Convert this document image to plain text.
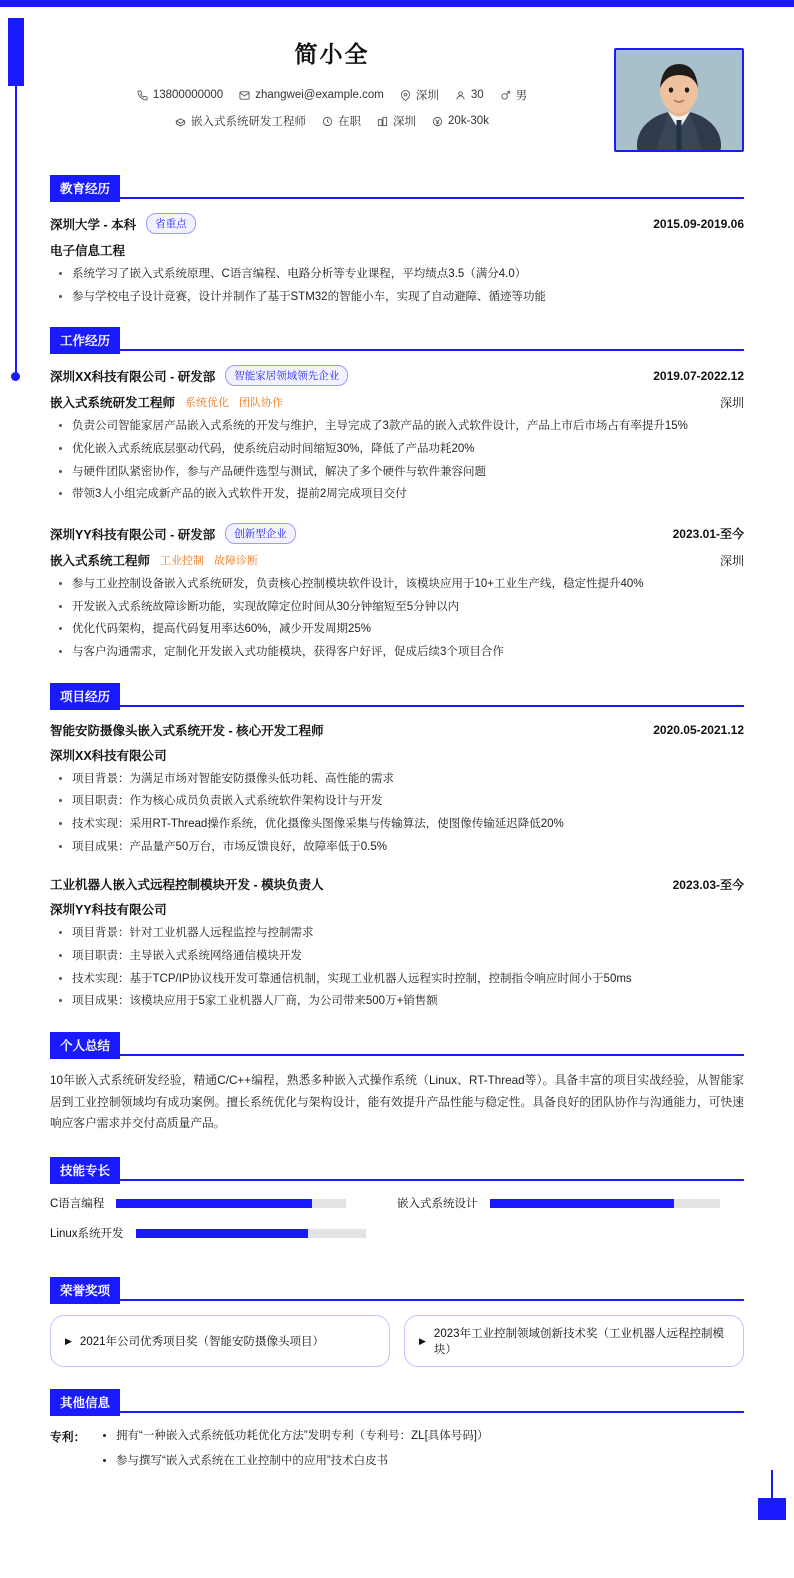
简小全
13800000000	zhangwei@example.com	深圳	30	男
嵌入式系统研发工程师	在职	深圳	20k-30k
教育经历
深圳大学 - 本科	省重点	2015.09-2019.06
电子信息工程
• 系统学习了嵌入式系统原理、C语言编程、电路分析等专业课程，平均绩点3.5（满分4.0）
• 参与学校电子设计竞赛，设计并制作了基于STM32的智能小车，实现了自动避障、循迹等功能
工作经历
深圳XX科技有限公司 - 研发部	智能家居领域领先企业	2019.07-2022.12
嵌入式系统研发工程师 系统优化 团队协作	深圳
• 负责公司智能家居产品嵌入式系统的开发与维护，主导完成了3款产品的嵌入式软件设计，产品上市后市场占有率提升15%
• 优化嵌入式系统底层驱动代码，使系统启动时间缩短30%，降低了产品功耗20%
• 与硬件团队紧密协作，参与产品硬件选型与测试，解决了多个硬件与软件兼容问题
• 带领3人小组完成新产品的嵌入式软件开发，提前2周完成项目交付
深圳YY科技有限公司 - 研发部	创新型企业	2023.01-至今
嵌入式系统工程师 工业控制 故障诊断	深圳
• 参与工业控制设备嵌入式系统研发，负责核心控制模块软件设计，该模块应用于10+工业生产线，稳定性提升40%
• 开发嵌入式系统故障诊断功能，实现故障定位时间从30分钟缩短至5分钟以内
• 优化代码架构，提高代码复用率达60%，减少开发周期25%
• 与客户沟通需求，定制化开发嵌入式功能模块，获得客户好评，促成后续3个项目合作
项目经历
智能安防摄像头嵌入式系统开发 - 核心开发工程师	2020.05-2021.12
深圳XX科技有限公司
• 项目背景：为满足市场对智能安防摄像头低功耗、高性能的需求
• 项目职责：作为核心成员负责嵌入式系统软件架构设计与开发
• 技术实现：采用RT-Thread操作系统，优化摄像头图像采集与传输算法，使图像传输延迟降低20%
• 项目成果：产品量产50万台，市场反馈良好，故障率低于0.5%
工业机器人嵌入式远程控制模块开发 - 模块负责人	2023.03-至今
深圳YY科技有限公司
• 项目背景：针对工业机器人远程监控与控制需求
• 项目职责：主导嵌入式系统网络通信模块开发
• 技术实现：基于TCP/IP协议栈开发可靠通信机制，实现工业机器人远程实时控制，控制指令响应时间小于50ms
• 项目成果：该模块应用于5家工业机器人厂商，为公司带来500万+销售额
个人总结
10年嵌入式系统研发经验，精通C/C++编程，熟悉多种嵌入式操作系统（Linux、RT-Thread等）。具备丰富的项目实战经验，从智能家居到工业控制领域均有成功案例。擅长系统优化与架构设计，能有效提升产品性能与稳定性。具备良好的团队协作与沟通能力，可快速响应客户需求并交付高质量产品。
技能专长
C语言编程	嵌入式系统设计
Linux系统开发
荣誉奖项
▶ 2021年公司优秀项目奖（智能安防摄像头项目）	▶
2023年工业控制领域创新技术奖（工业机器人远程控制模块）
其他信息
专利：	• 拥有“一种嵌入式系统低功耗优化方法”发明专利（专利号：ZL[具体号码]）
• 参与撰写“嵌入式系统在工业控制中的应用”技术白皮书
